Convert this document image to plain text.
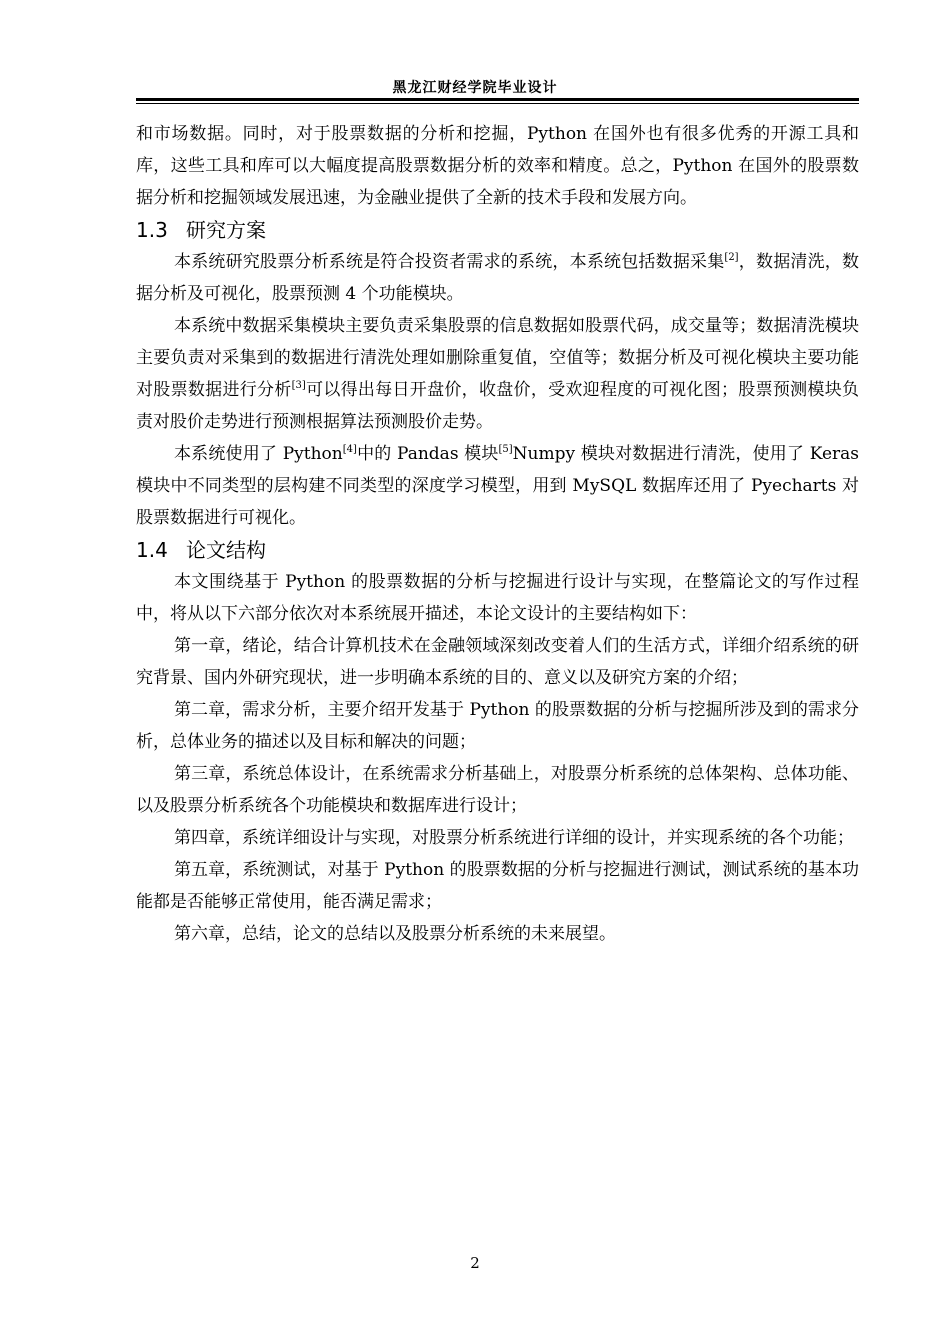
黑龙江财经学院毕业设计

和市场数据。同时，对于股票数据的分析和挖掘，Python 在国外也有很多优秀的开源工具和库，这些工具和库可以大幅度提高股票数据分析的效率和精度。总之，Python 在国外的股票数据分析和挖掘领域发展迅速，为金融业提供了全新的技术手段和发展方向。

1.3 研究方案

本系统研究股票分析系统是符合投资者需求的系统，本系统包括数据采集[2]，数据清洗，数据分析及可视化，股票预测 4 个功能模块。

本系统中数据采集模块主要负责采集股票的信息数据如股票代码，成交量等；数据清洗模块主要负责对采集到的数据进行清洗处理如删除重复值，空值等；数据分析及可视化模块主要功能对股票数据进行分析[3]可以得出每日开盘价，收盘价，受欢迎程度的可视化图；股票预测模块负责对股价走势进行预测根据算法预测股价走势。

本系统使用了 Python[4]中的 Pandas 模块[5]Numpy 模块对数据进行清洗，使用了 Keras 模块中不同类型的层构建不同类型的深度学习模型，用到 MySQL 数据库还用了 Pyecharts 对股票数据进行可视化。

1.4 论文结构

本文围绕基于 Python 的股票数据的分析与挖掘进行设计与实现，在整篇论文的写作过程中，将从以下六部分依次对本系统展开描述，本论文设计的主要结构如下：

第一章，绪论，结合计算机技术在金融领域深刻改变着人们的生活方式，详细介绍系统的研究背景、国内外研究现状，进一步明确本系统的目的、意义以及研究方案的介绍；

第二章，需求分析，主要介绍开发基于 Python 的股票数据的分析与挖掘所涉及到的需求分析，总体业务的描述以及目标和解决的问题；

第三章，系统总体设计，在系统需求分析基础上，对股票分析系统的总体架构、总体功能、以及股票分析系统各个功能模块和数据库进行设计；

第四章，系统详细设计与实现，对股票分析系统进行详细的设计，并实现系统的各个功能；

第五章，系统测试，对基于 Python 的股票数据的分析与挖掘进行测试，测试系统的基本功能都是否能够正常使用，能否满足需求；

第六章，总结，论文的总结以及股票分析系统的未来展望。

2
